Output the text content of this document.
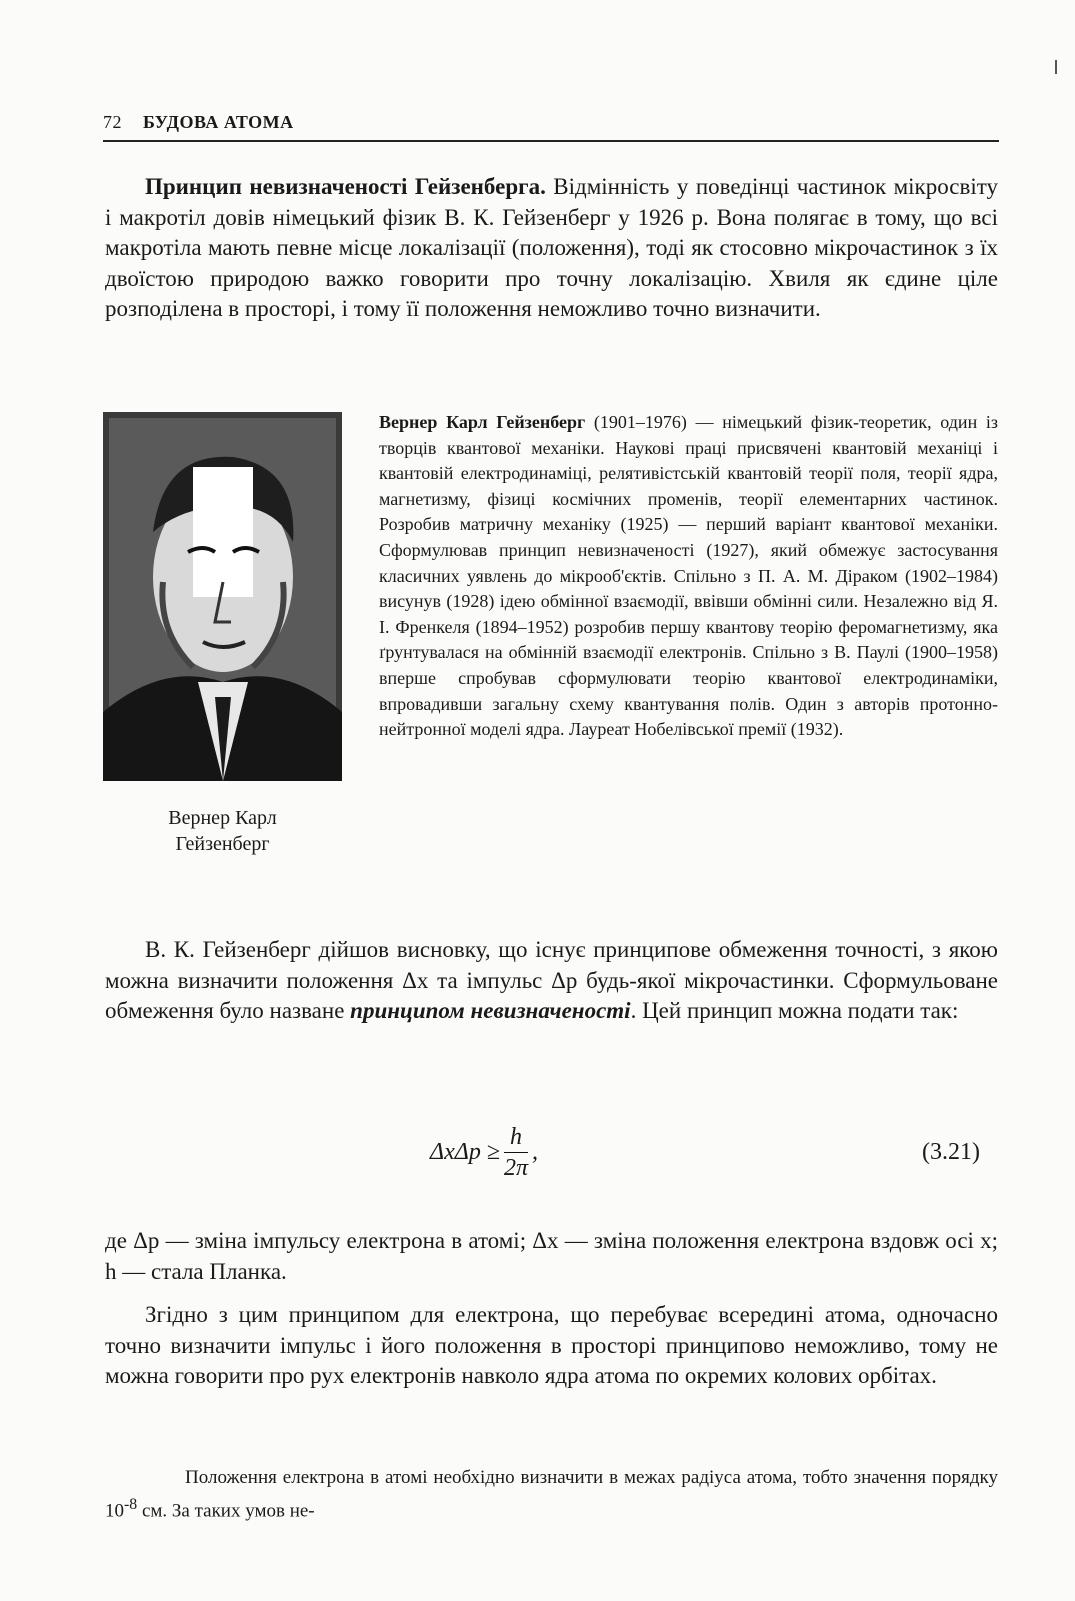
72 БУДОВА АТОМА

Принцип невизначеності Гейзенберга. Відмінність у поведінці частинок мікросвіту і макротіл довів німецький фізик В. К. Гейзенберг у 1926 р. Вона полягає в тому, що всі макротіла мають певне місце локалізації (положення), тоді як стосовно мікрочастинок з їх двоїстою природою важко говорити про точну локалізацію. Хвиля як єдине ціле розподілена в просторі, і тому її положення неможливо точно визначити.

Вернер Карл
Гейзенберг

Вернер Карл Гейзенберг (1901–1976) — німецький фізик-теоретик, один із творців квантової механіки. Наукові праці присвячені квантовій механіці і квантовій електродинаміці, релятивістській квантовій теорії поля, теорії ядра, магнетизму, фізиці космічних променів, теорії елементарних частинок. Розробив матричну механіку (1925) — перший варіант квантової механіки. Сформулював принцип невизначеності (1927), який обмежує застосування класичних уявлень до мікрооб'єктів. Спільно з П. А. М. Діраком (1902–1984) висунув (1928) ідею обмінної взаємодії, ввівши обмінні сили. Незалежно від Я. І. Френкеля (1894–1952) розробив першу квантову теорію феромагнетизму, яка ґрунтувалася на обмінній взаємодії електронів. Спільно з В. Паулі (1900–1958) вперше спробував сформулювати теорію квантової електродинаміки, впровадивши загальну схему квантування полів. Один з авторів протонно-нейтронної моделі ядра. Лауреат Нобелівської премії (1932).

В. К. Гейзенберг дійшов висновку, що існує принципове обмеження точності, з якою можна визначити положення Δx та імпульс Δp будь-якої мікрочастинки. Сформульоване обмеження було назване принципом невизначеності. Цей принцип можна подати так:

$\Delta x\Delta p \ge \frac{h}{2\pi}$ ,	(3.21)

де Δp — зміна імпульсу електрона в атомі; Δx — зміна положення електрона вздовж осі x; h — стала Планка.

Згідно з цим принципом для електрона, що перебуває всередині атома, одночасно точно визначити імпульс і його положення в просторі принципово неможливо, тому не можна говорити про рух електронів навколо ядра атома по окремих колових орбітах.

Положення електрона в атомі необхідно визначити в межах радіуса атома, тобто значення порядку $10^{-8}$ см. За таких умов не-
